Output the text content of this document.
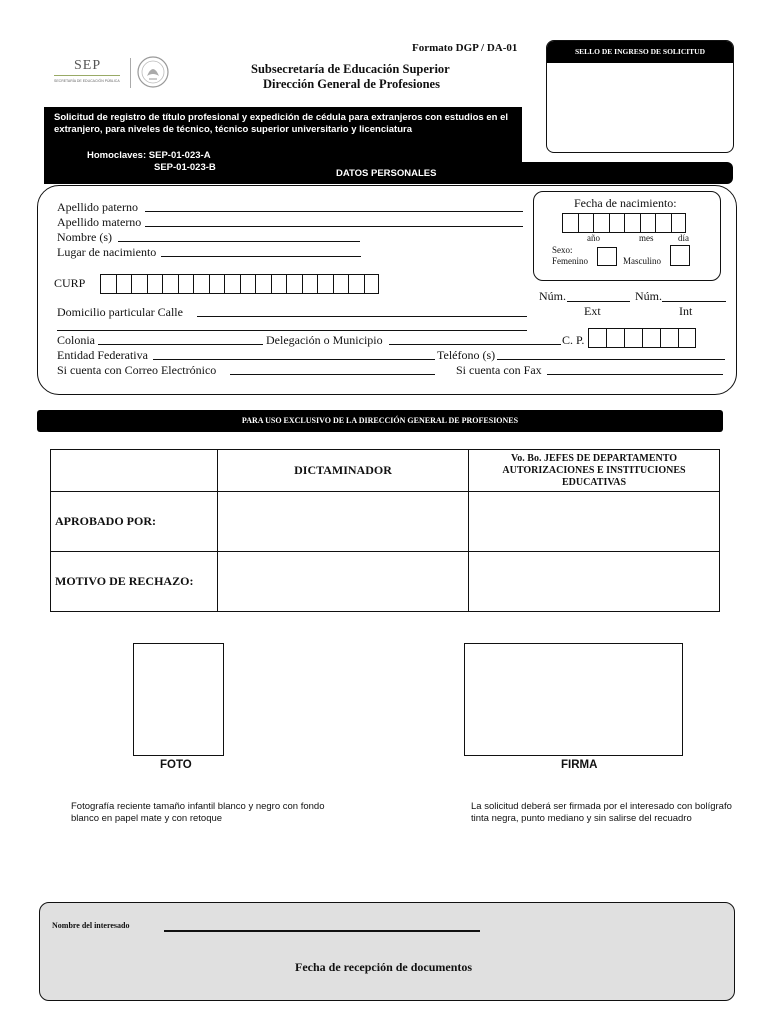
SEP
SECRETARÍA DE EDUCACIÓN PÚBLICA
Formato DGP / DA-01
Subsecretaría de Educación Superior
Dirección General de Profesiones
SELLO DE INGRESO DE SOLICITUD
Solicitud de registro de título profesional y expedición de cédula para extranjeros con estudios en el extranjero, para niveles de técnico, técnico superior universitario y licenciatura
Homoclaves: SEP-01-023-A
SEP-01-023-B
DATOS PERSONALES
Apellido paterno
Apellido materno
Nombre (s)
Lugar de nacimiento
Fecha de nacimiento:
año	mes	día
Sexo:
Femenino	Masculino
CURP
Domicilio particular Calle
Núm.
Ext
Núm.
Int
Colonia	Delegación o Municipio	C. P.
Entidad Federativa	Teléfono (s)
Si cuenta con Correo Electrónico	Si cuenta con Fax
PARA USO EXCLUSIVO DE LA DIRECCIÓN GENERAL DE PROFESIONES
	DICTAMINADOR	Vo. Bo. JEFES DE DEPARTAMENTO AUTORIZACIONES E INSTITUCIONES EDUCATIVAS
APROBADO POR:		
MOTIVO DE RECHAZO:		
FOTO	FIRMA
Fotografía reciente tamaño infantil blanco y negro con fondo blanco en papel mate y con retoque
La solicitud deberá ser firmada por el interesado con bolígrafo tinta negra, punto mediano y sin salirse del recuadro
Nombre del interesado
Fecha de recepción de documentos
